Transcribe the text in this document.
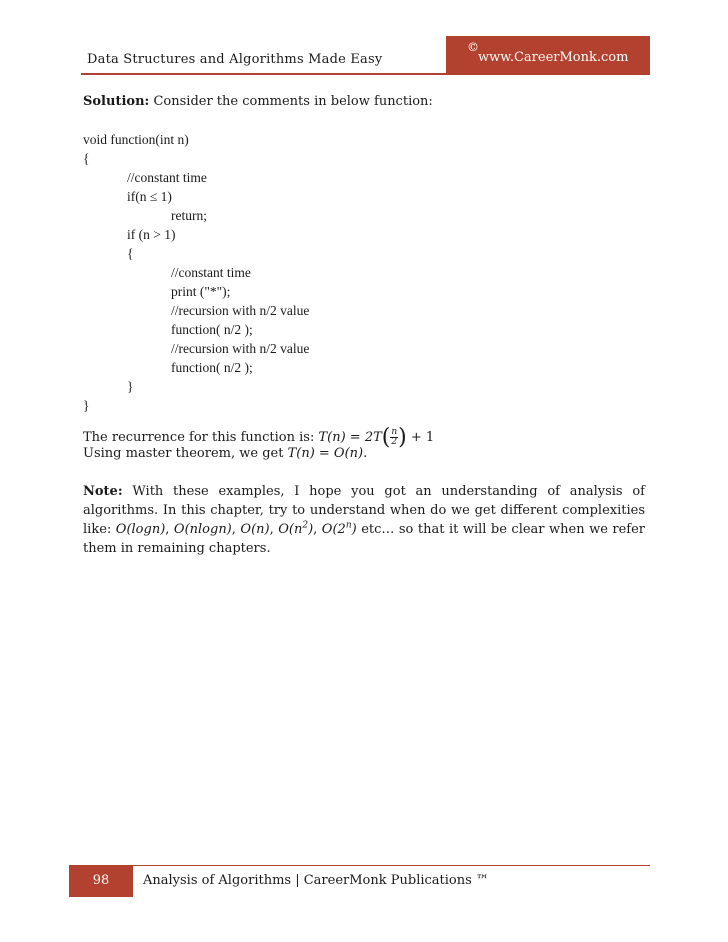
Data Structures and Algorithms Made Easy
©
www.CareerMonk.com

Solution: Consider the comments in below function:

void function(int n)
{
//constant time
if(n ≤ 1)
return;
if (n > 1)
{
//constant time
print ("*");
//recursion with n/2 value
function( n/2 );
//recursion with n/2 value
function( n/2 );
}
}

The recurrence for this function is: $T(n) = 2T( \frac{n}{2}$ ) + 1

Using master theorem, we get T(n) = O(n).

Note: With these examples, I hope you got an understanding of analysis of algorithms. In this chapter, try to understand when do we get different complexities like: O(logn), O(nlogn), O(n), $O(n^2)$, O(2$^n$) etc… so that it will be clear when we refer them in remaining chapters.

98	Analysis of Algorithms | CareerMonk Publications ™
